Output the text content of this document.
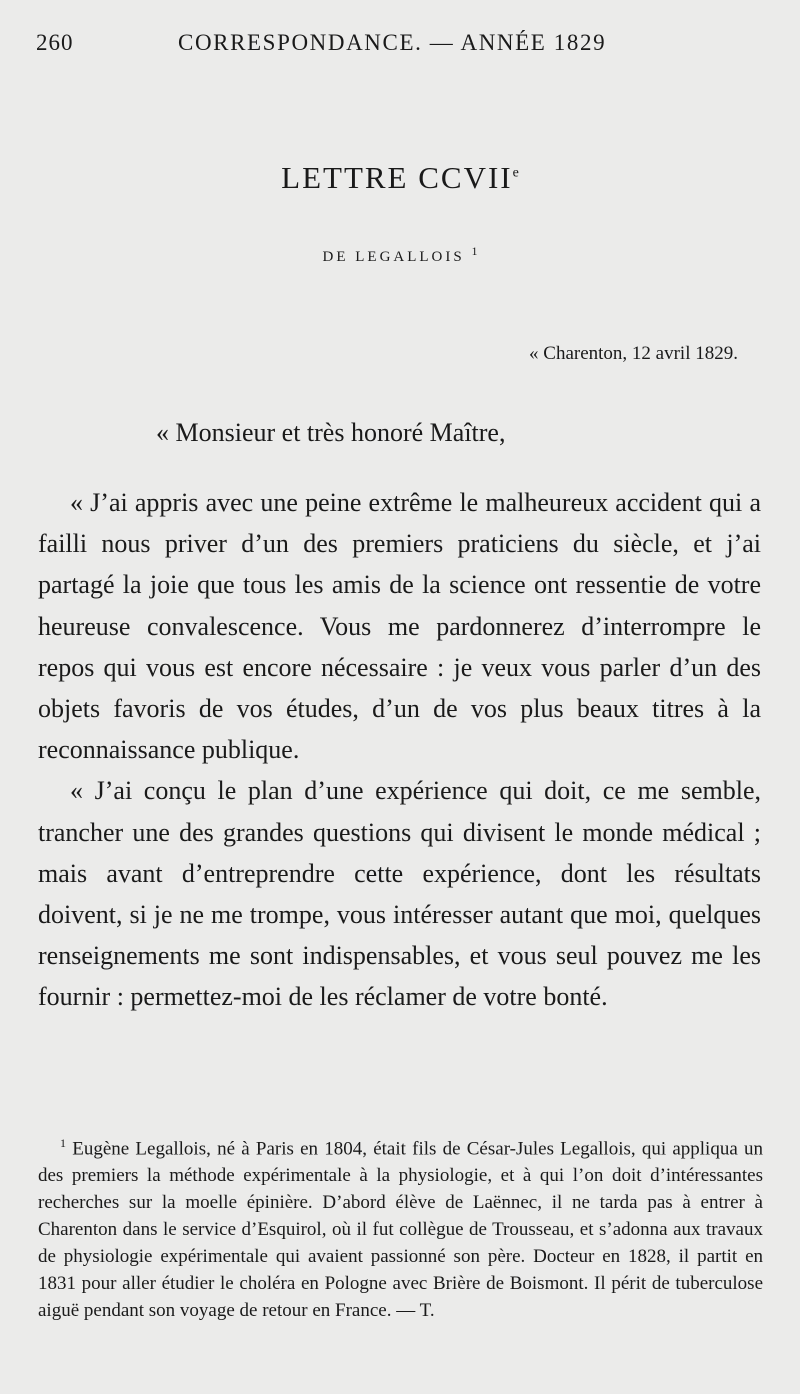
260	CORRESPONDANCE. — ANNÉE 1829
LETTRE CCVIIe
DE LEGALLOIS $^1$
« Charenton, 12 avril 1829.
« Monsieur et très honoré Maître,

« J’ai appris avec une peine extrême le malheureux accident qui a failli nous priver d’un des premiers praticiens du siècle, et j’ai partagé la joie que tous les amis de la science ont ressentie de votre heureuse convalescence. Vous me pardonnerez d’interrompre le repos qui vous est encore nécessaire : je veux vous parler d’un des objets favoris de vos études, d’un de vos plus beaux titres à la reconnaissance publique.

« J’ai conçu le plan d’une expérience qui doit, ce me semble, trancher une des grandes questions qui divisent le monde médical ; mais avant d’entreprendre cette expérience, dont les résultats doivent, si je ne me trompe, vous intéresser autant que moi, quelques renseignements me sont indispensables, et vous seul pouvez me les fournir : permettez-moi de les réclamer de votre bonté.

$^1$ Eugène Legallois, né à Paris en 1804, était fils de César-Jules Legallois, qui appliqua un des premiers la méthode expérimentale à la physiologie, et à qui l’on doit d’intéressantes recherches sur la moelle épinière. D’abord élève de Laënnec, il ne tarda pas à entrer à Charenton dans le service d’Esquirol, où il fut collègue de Trousseau, et s’adonna aux travaux de physiologie expérimentale qui avaient passionné son père. Docteur en 1828, il partit en 1831 pour aller étudier le choléra en Pologne avec Brière de Boismont. Il périt de tuberculose aiguë pendant son voyage de retour en France. — T.
